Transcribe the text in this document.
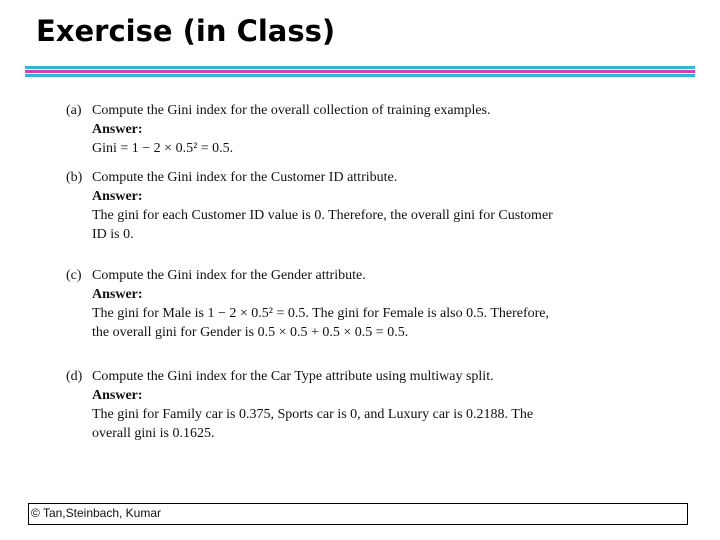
Exercise (in Class)
(a) Compute the Gini index for the overall collection of training examples.
Answer:
Gini = 1 − 2 × 0.5² = 0.5.
(b) Compute the Gini index for the Customer ID attribute.
Answer:
The gini for each Customer ID value is 0. Therefore, the overall gini for Customer ID is 0.
(c) Compute the Gini index for the Gender attribute.
Answer:
The gini for Male is 1 − 2 × 0.5² = 0.5. The gini for Female is also 0.5. Therefore, the overall gini for Gender is 0.5 × 0.5 + 0.5 × 0.5 = 0.5.
(d) Compute the Gini index for the Car Type attribute using multiway split.
Answer:
The gini for Family car is 0.375, Sports car is 0, and Luxury car is 0.2188. The overall gini is 0.1625.
© Tan,Steinbach, Kumar
